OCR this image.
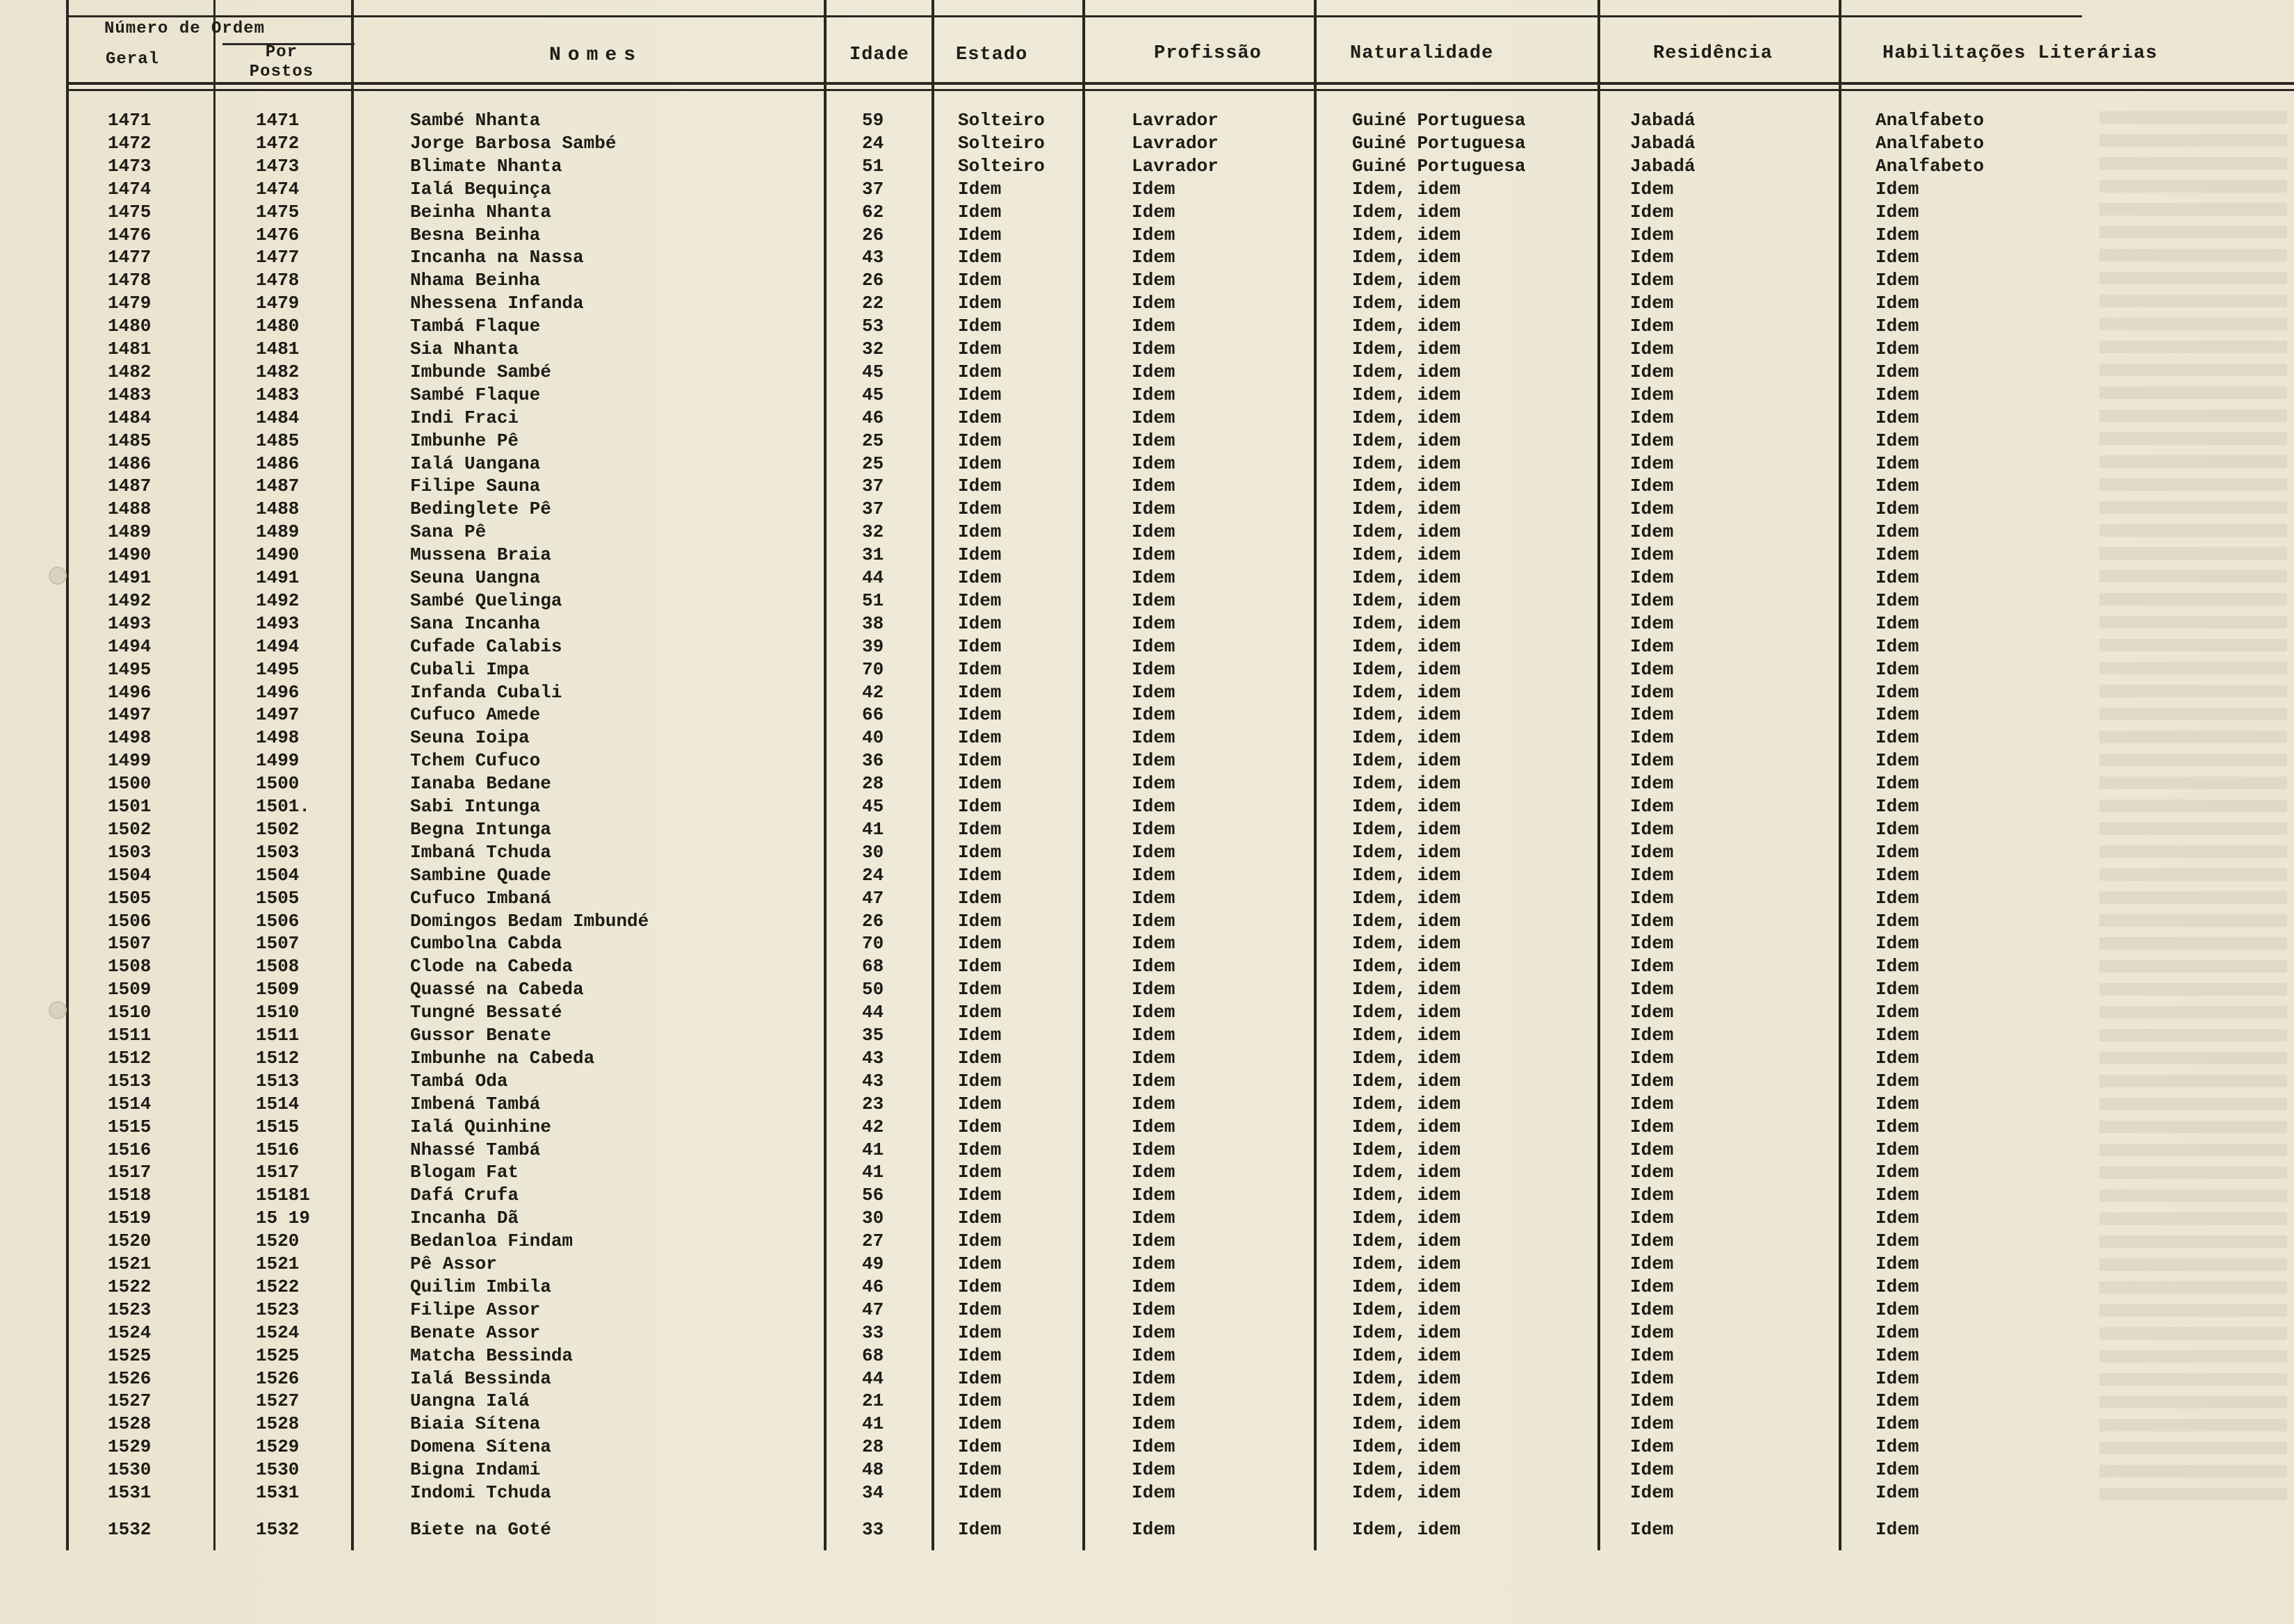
Número de Ordem
Geral	Por Postos
Nomes	Idade Estado	Profissão	Naturalidade	Residência	Habilitações Literárias
1471	1471	Sambé Nhanta	59	Solteiro	Lavrador	Guiné Portuguesa	Jabadá	Analfabeto
1472	1472	Jorge Barbosa Sambé	24	Solteiro	Lavrador	Guiné Portuguesa	Jabadá	Analfabeto
1473	1473	Blimate Nhanta	51	Solteiro	Lavrador	Guiné Portuguesa	Jabadá	Analfabeto
1474	1474	Ialá Bequinça	37	Idem	Idem	Idem, idem	Idem	Idem
1475	1475	Beinha Nhanta	62	Idem	Idem	Idem, idem	Idem	Idem
1476	1476	Besna Beinha	26	Idem	Idem	Idem, idem	Idem	Idem
1477	1477	Incanha na Nassa	43	Idem	Idem	Idem, idem	Idem	Idem
1478	1478	Nhama Beinha	26	Idem	Idem	Idem, idem	Idem	Idem
1479	1479	Nhessena Infanda	22	Idem	Idem	Idem, idem	Idem	Idem
1480	1480	Tambá Flaque	53	Idem	Idem	Idem, idem	Idem	Idem
1481	1481	Sia Nhanta	32	Idem	Idem	Idem, idem	Idem	Idem
1482	1482	Imbunde Sambé	45	Idem	Idem	Idem, idem	Idem	Idem
1483	1483	Sambé Flaque	45	Idem	Idem	Idem, idem	Idem	Idem
1484	1484	Indi Fraci	46	Idem	Idem	Idem, idem	Idem	Idem
1485	1485	Imbunhe Pê	25	Idem	Idem	Idem, idem	Idem	Idem
1486	1486	Ialá Uangana	25	Idem	Idem	Idem, idem	Idem	Idem
1487	1487	Filipe Sauna	37	Idem	Idem	Idem, idem	Idem	Idem
1488	1488	Bedinglete Pê	37	Idem	Idem	Idem, idem	Idem	Idem
1489	1489	Sana Pê	32	Idem	Idem	Idem, idem	Idem	Idem
1490	1490	Mussena Braia	31	Idem	Idem	Idem, idem	Idem	Idem
1491	1491	Seuna Uangna	44	Idem	Idem	Idem, idem	Idem	Idem
1492	1492	Sambé Quelinga	51	Idem	Idem	Idem, idem	Idem	Idem
1493	1493	Sana Incanha	38	Idem	Idem	Idem, idem	Idem	Idem
1494	1494	Cufade Calabis	39	Idem	Idem	Idem, idem	Idem	Idem
1495	1495	Cubali Impa	70	Idem	Idem	Idem, idem	Idem	Idem
1496	1496	Infanda Cubali	42	Idem	Idem	Idem, idem	Idem	Idem
1497	1497	Cufuco Amede	66	Idem	Idem	Idem, idem	Idem	Idem
1498	1498	Seuna Ioipa	40	Idem	Idem	Idem, idem	Idem	Idem
1499	1499	Tchem Cufuco	36	Idem	Idem	Idem, idem	Idem	Idem
1500	1500	Ianaba Bedane	28	Idem	Idem	Idem, idem	Idem	Idem
1501	1501.	Sabi Intunga	45	Idem	Idem	Idem, idem	Idem	Idem
1502	1502	Begna Intunga	41	Idem	Idem	Idem, idem	Idem	Idem
1503	1503	Imbaná Tchuda	30	Idem	Idem	Idem, idem	Idem	Idem
1504	1504	Sambine Quade	24	Idem	Idem	Idem, idem	Idem	Idem
1505	1505	Cufuco Imbaná	47	Idem	Idem	Idem, idem	Idem	Idem
1506	1506	Domingos Bedam Imbundé	26	Idem	Idem	Idem, idem	Idem	Idem
1507	1507	Cumbolna Cabda	70	Idem	Idem	Idem, idem	Idem	Idem
1508	1508	Clode na Cabeda	68	Idem	Idem	Idem, idem	Idem	Idem
1509	1509	Quassé na Cabeda	50	Idem	Idem	Idem, idem	Idem	Idem
1510	1510	Tungné Bessaté	44	Idem	Idem	Idem, idem	Idem	Idem
1511	1511	Gussor Benate	35	Idem	Idem	Idem, idem	Idem	Idem
1512	1512	Imbunhe na Cabeda	43	Idem	Idem	Idem, idem	Idem	Idem
1513	1513	Tambá Oda	43	Idem	Idem	Idem, idem	Idem	Idem
1514	1514	Imbená Tambá	23	Idem	Idem	Idem, idem	Idem	Idem
1515	1515	Ialá Quinhine	42	Idem	Idem	Idem, idem	Idem	Idem
1516	1516	Nhassé Tambá	41	Idem	Idem	Idem, idem	Idem	Idem
1517	1517	Blogam Fat	41	Idem	Idem	Idem, idem	Idem	Idem
1518	15181	Dafá Crufa	56	Idem	Idem	Idem, idem	Idem	Idem
1519	15 19	Incanha Dã	30	Idem	Idem	Idem, idem	Idem	Idem
1520	1520	Bedanloa Findam	27	Idem	Idem	Idem, idem	Idem	Idem
1521	1521	Pê Assor	49	Idem	Idem	Idem, idem	Idem	Idem
1522	1522	Quilim Imbila	46	Idem	Idem	Idem, idem	Idem	Idem
1523	1523	Filipe Assor	47	Idem	Idem	Idem, idem	Idem	Idem
1524	1524	Benate Assor	33	Idem	Idem	Idem, idem	Idem	Idem
1525	1525	Matcha Bessinda	68	Idem	Idem	Idem, idem	Idem	Idem
1526	1526	Ialá Bessinda	44	Idem	Idem	Idem, idem	Idem	Idem
1527	1527	Uangna Ialá	21	Idem	Idem	Idem, idem	Idem	Idem
1528	1528	Biaia Sítena	41	Idem	Idem	Idem, idem	Idem	Idem
1529	1529	Domena Sítena	28	Idem	Idem	Idem, idem	Idem	Idem
1530	1530	Bigna Indami	48	Idem	Idem	Idem, idem	Idem	Idem
1531	1531	Indomi Tchuda	34	Idem	Idem	Idem, idem	Idem	Idem
1532	1532	Biete na Goté	33	Idem	Idem	Idem, idem	Idem	Idem
